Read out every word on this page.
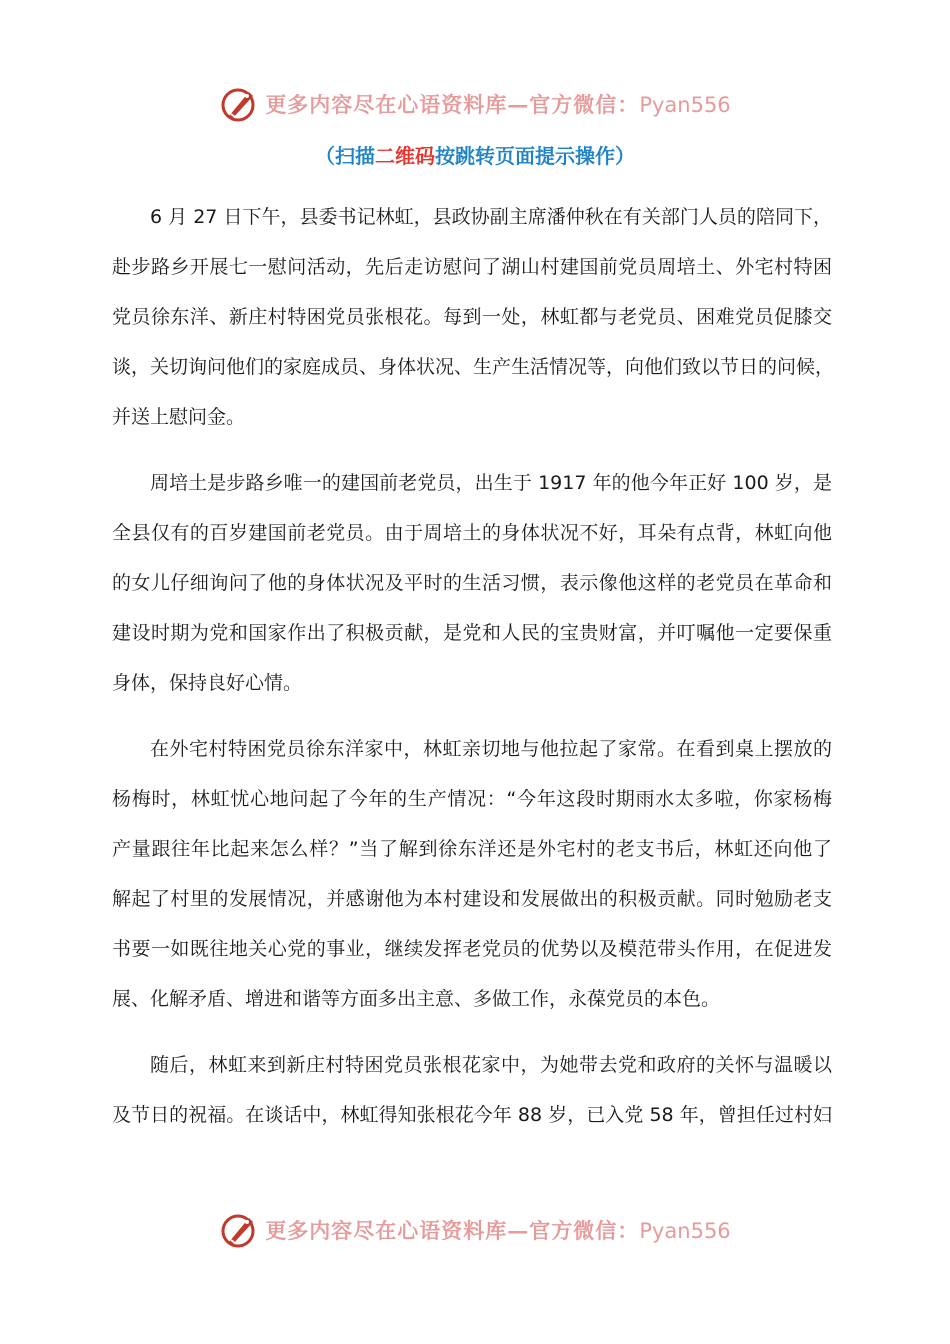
更多内容尽在心语资料库—官方微信：Pyan556
（扫描二维码按跳转页面提示操作）
6 月 27 日下午，县委书记林虹，县政协副主席潘仲秋在有关部门人员的陪同下，
赴步路乡开展七一慰问活动，先后走访慰问了湖山村建国前党员周培土、外宅村特困
党员徐东洋、新庄村特困党员张根花。每到一处，林虹都与老党员、困难党员促膝交
谈，关切询问他们的家庭成员、身体状况、生产生活情况等，向他们致以节日的问候，
并送上慰问金。
周培土是步路乡唯一的建国前老党员，出生于 1917 年的他今年正好 100 岁，是
全县仅有的百岁建国前老党员。由于周培土的身体状况不好，耳朵有点背，林虹向他
的女儿仔细询问了他的身体状况及平时的生活习惯，表示像他这样的老党员在革命和
建设时期为党和国家作出了积极贡献，是党和人民的宝贵财富，并叮嘱他一定要保重
身体，保持良好心情。
在外宅村特困党员徐东洋家中，林虹亲切地与他拉起了家常。在看到桌上摆放的
杨梅时，林虹忧心地问起了今年的生产情况：“今年这段时期雨水太多啦，你家杨梅
产量跟往年比起来怎么样？”当了解到徐东洋还是外宅村的老支书后，林虹还向他了
解起了村里的发展情况，并感谢他为本村建设和发展做出的积极贡献。同时勉励老支
书要一如既往地关心党的事业，继续发挥老党员的优势以及模范带头作用，在促进发
展、化解矛盾、增进和谐等方面多出主意、多做工作，永葆党员的本色。
随后，林虹来到新庄村特困党员张根花家中，为她带去党和政府的关怀与温暖以
及节日的祝福。在谈话中，林虹得知张根花今年 88 岁，已入党 58 年，曾担任过村妇
更多内容尽在心语资料库—官方微信：Pyan556
